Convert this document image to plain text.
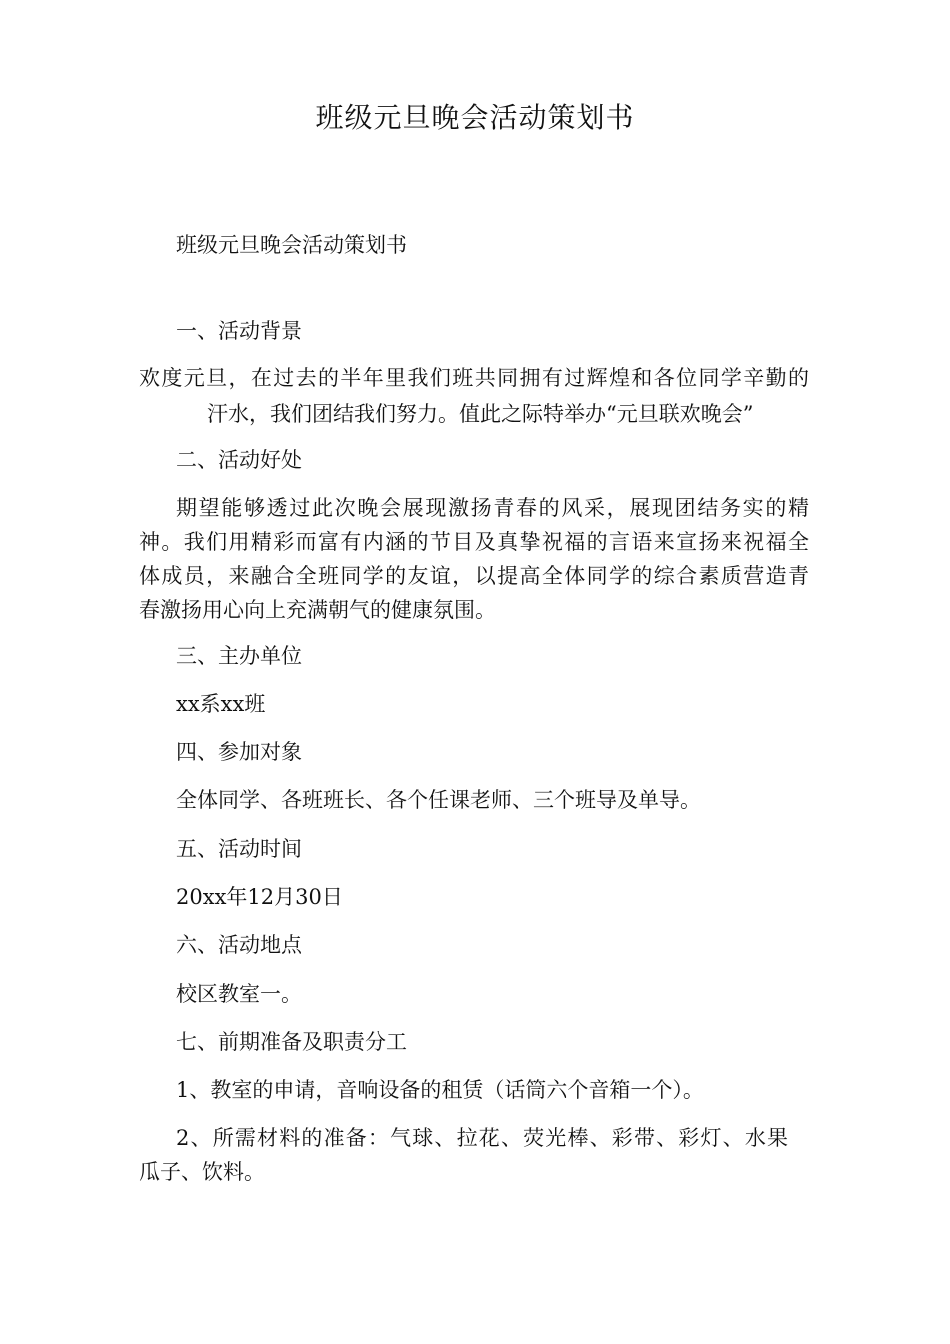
班级元旦晚会活动策划书
班级元旦晚会活动策划书
一、活动背景
欢度元旦，在过去的半年里我们班共同拥有过辉煌和各位同学辛勤的
汗水，我们团结我们努力。值此之际特举办“元旦联欢晚会”
二、活动好处
期望能够透过此次晚会展现激扬青春的风采，展现团结务实的精
神。我们用精彩而富有内涵的节目及真挚祝福的言语来宣扬来祝福全
体成员，来融合全班同学的友谊，以提高全体同学的综合素质营造青
春激扬用心向上充满朝气的健康氛围。
三、主办单位
xx系xx班
四、参加对象
全体同学、各班班长、各个任课老师、三个班导及单导。
五、活动时间
20xx年12月30日
六、活动地点
校区教室一。
七、前期准备及职责分工
1、教室的申请，音响设备的租赁（话筒六个音箱一个）。
2、所需材料的准备：气球、拉花、荧光棒、彩带、彩灯、水果
瓜子、饮料。
